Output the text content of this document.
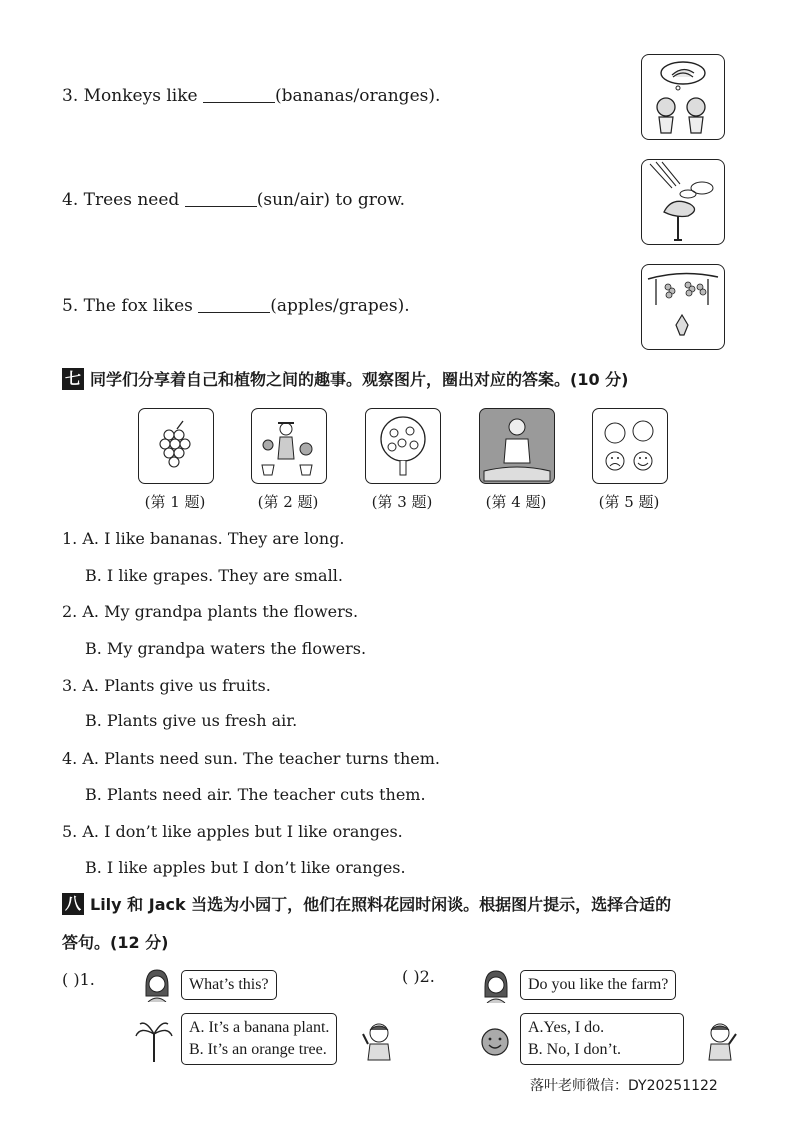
3. Monkeys like	(bananas/oranges).
4. Trees need	(sun/air) to grow.
5. The fox likes	(apples/grapes).
七 同学们分享着自己和植物之间的趣事。观察图片，圈出对应的答案。(10 分)
(第 1 题)	(第 2 题)	(第 3 题)	(第 4 题)	(第 5 题)
1. A. I like bananas. They are long.
B. I like grapes. They are small.
2. A. My grandpa plants the flowers.
B. My grandpa waters the flowers.
3. A. Plants give us fruits.
B. Plants give us fresh air.
4. A. Plants need sun. The teacher turns them.
B. Plants need air. The teacher cuts them.
5. A. I don’t like apples but I like oranges.
B. I like apples but I don’t like oranges.
八 Lily 和 Jack 当选为小园丁，他们在照料花园时闲谈。根据图片提示，选择合适的
答句。(12 分)
( )1.	What’s this?
A. It’s a banana plant.
B. It’s an orange tree.
( )2.	Do you like the farm?
A.Yes, I do.
B. No, I don’t.
落叶老师微信：DY20251122
